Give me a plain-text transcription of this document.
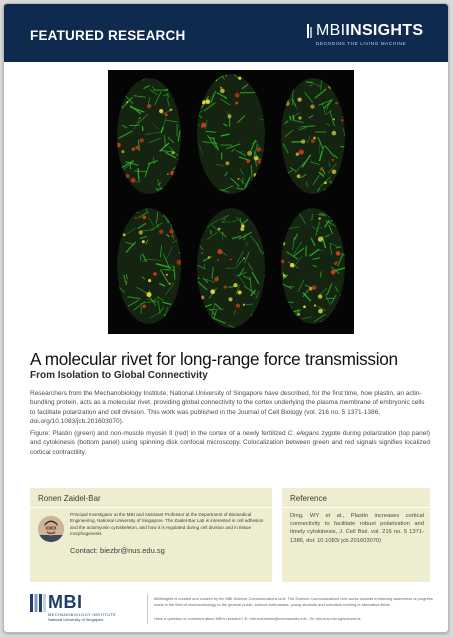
FEATURED RESEARCH	MBIINSIGHTS
DECODING THE LIVING MACHINE
A molecular rivet for long-range force transmission
From Isolation to Global Connectivity
Researchers from the Mechanobiology Institute, National University of Singapore have described, for the first time, how plastin, an actin-bundling protein, acts as a molecular rivet, providing global connectivity to the cortex underlying the plasma membrane of embryonic cells to facilitate polarization and cell division. This work was published in the Journal of Cell Biology (vol. 216 no. 5 1371-1386, doi.org/10.1083/jcb.201603070).
Figure: Plastin (green) and non-muscle myosin II (red) in the cortex of a newly fertilized C. elegans zygote during polarization (top panel) and cytokinesis (bottom panel) using spinning disk confocal microscopy. Colocalization between green and red signals signifies localized cortical contractility.
Ronen Zaidel-Bar
Principal Investigator at the MBI and Assistant Professor at the Department of Biomedical Engineering, National University of Singapore. The Zaidel-Bar Lab is interested in cell adhesion and the actomyosin cytoskeleton, and how it is regulated during cell division and in tissue morphogenesis.
Contact: biezbr@nus.edu.sg
Reference
Ding, WY et al., Plastin increases cortical connectivity to facilitate robust polarization and timely cytokinesis, J. Cell Biol. vol. 216 no. 5 1371-1386, doi: 10.1083/ jcb.201603070)
MBI
MECHANOBIOLOGY INSTITUTE
National University of Singapore
MBInsights is created and curated by the MBI Science Communications Unit. The Science Communications Unit works towards enhancing awareness of progress made in the field of mechanobiology to the general public, science enthusiasts, young students and scientists working in alternative fields.
Have a question or comment about MBI's research? E: mbi-scicomms@mechanobio.info ; W: mbi.nus.edu.sg/scicomms
